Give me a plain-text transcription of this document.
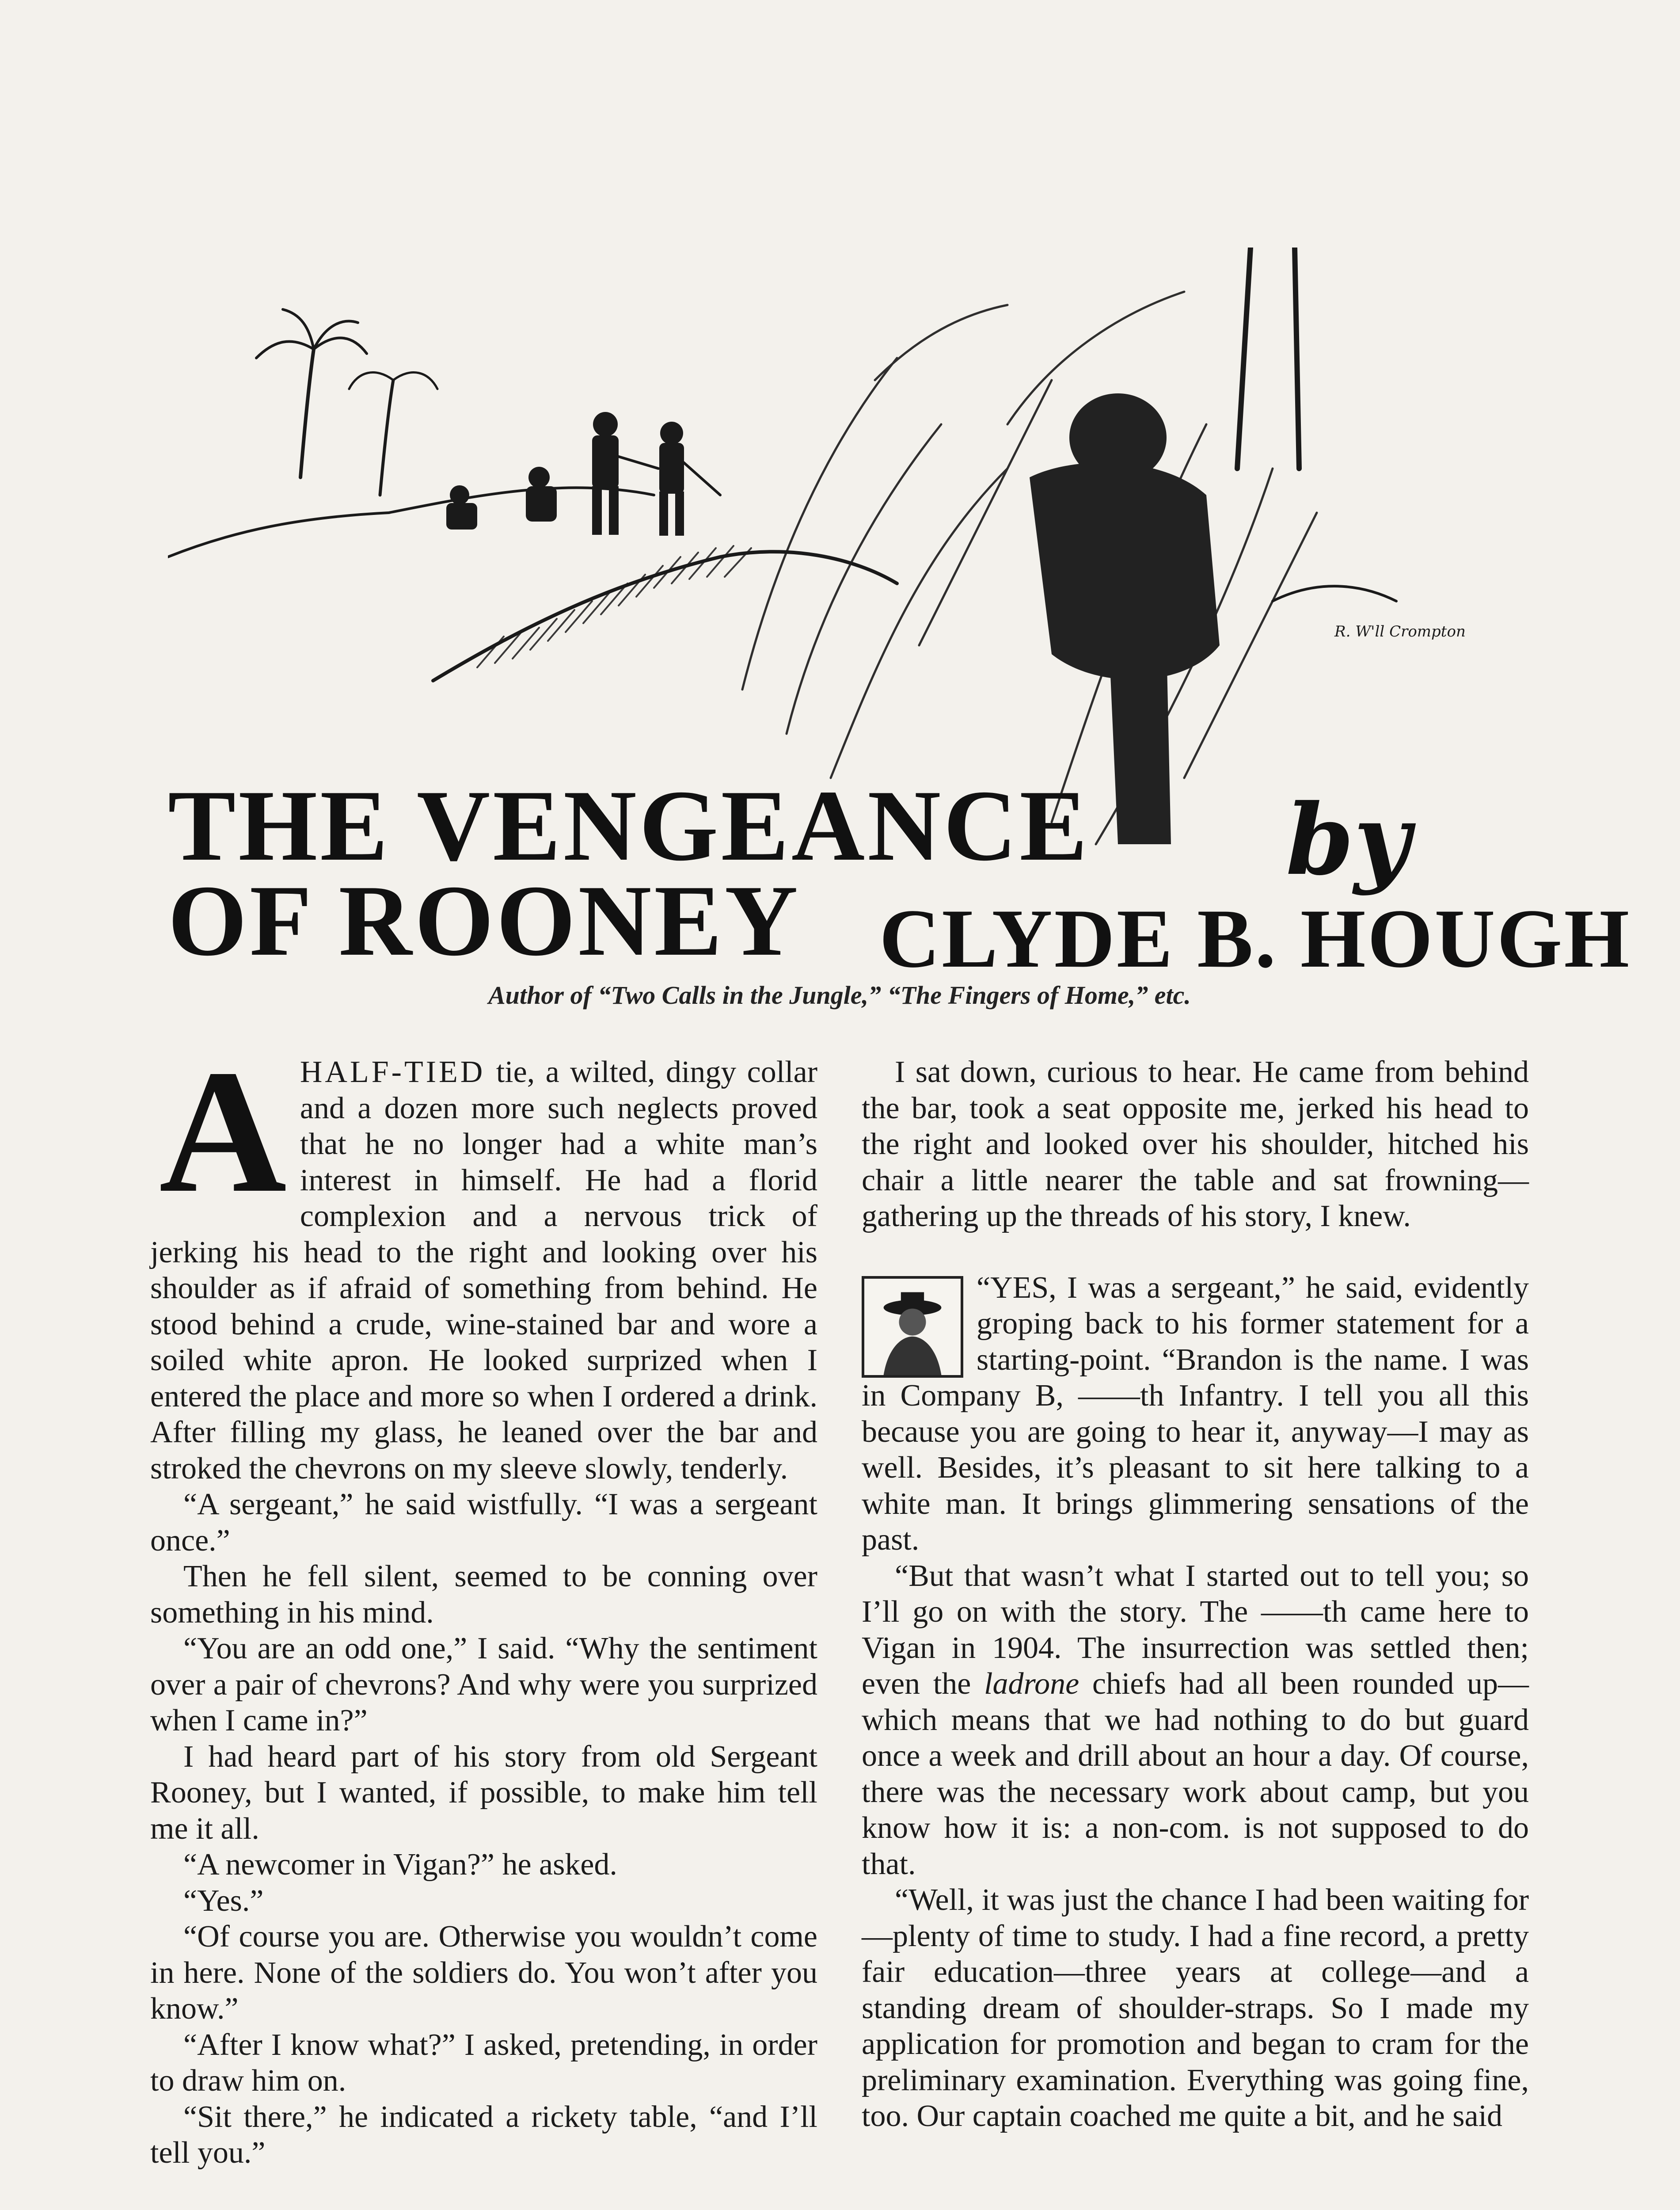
R. W'll Crompton
THE VENGEANCE
OF ROONEY
by
CLYDE B. HOUGH
Author of “Two Calls in the Jungle,” “The Fingers of Home,” etc.

AHALF-TIED tie, a wilted, dingy collar and a dozen more such neglects proved that he no longer had a white man’s interest in himself. He had a florid complexion and a nervous trick of jerking his head to the right and looking over his shoulder as if afraid of something from behind. He stood behind a crude, wine-stained bar and wore a soiled white apron. He looked surprized when I entered the place and more so when I ordered a drink. After filling my glass, he leaned over the bar and stroked the chevrons on my sleeve slowly, tenderly.

“A sergeant,” he said wistfully. “I was a sergeant once.”

Then he fell silent, seemed to be conning over something in his mind.

“You are an odd one,” I said. “Why the sentiment over a pair of chevrons? And why were you surprized when I came in?”

I had heard part of his story from old Sergeant Rooney, but I wanted, if possible, to make him tell me it all.

“A newcomer in Vigan?” he asked.

“Yes.”

“Of course you are. Otherwise you wouldn’t come in here. None of the soldiers do. You won’t after you know.”

“After I know what?” I asked, pretending, in order to draw him on.

“Sit there,” he indicated a rickety table, “and I’ll tell you.”

I sat down, curious to hear. He came from behind the bar, took a seat opposite me, jerked his head to the right and looked over his shoulder, hitched his chair a little nearer the table and sat frowning—gathering up the threads of his story, I knew.

“YES, I was a sergeant,” he said, evidently groping back to his former statement for a starting-point. “Brandon is the name. I was in Company B, ——th Infantry. I tell you all this because you are going to hear it, anyway—I may as well. Besides, it’s pleasant to sit here talking to a white man. It brings glimmering sensations of the past.

“But that wasn’t what I started out to tell you; so I’ll go on with the story. The ——th came here to Vigan in 1904. The insurrection was settled then; even the ladrone chiefs had all been rounded up—which means that we had nothing to do but guard once a week and drill about an hour a day. Of course, there was the necessary work about camp, but you know how it is: a non-com. is not supposed to do that.

“Well, it was just the chance I had been waiting for—plenty of time to study. I had a fine record, a pretty fair education—three years at college—and a standing dream of shoulder-straps. So I made my application for promotion and began to cram for the preliminary examination. Everything was going fine, too. Our captain coached me quite a bit, and he said
